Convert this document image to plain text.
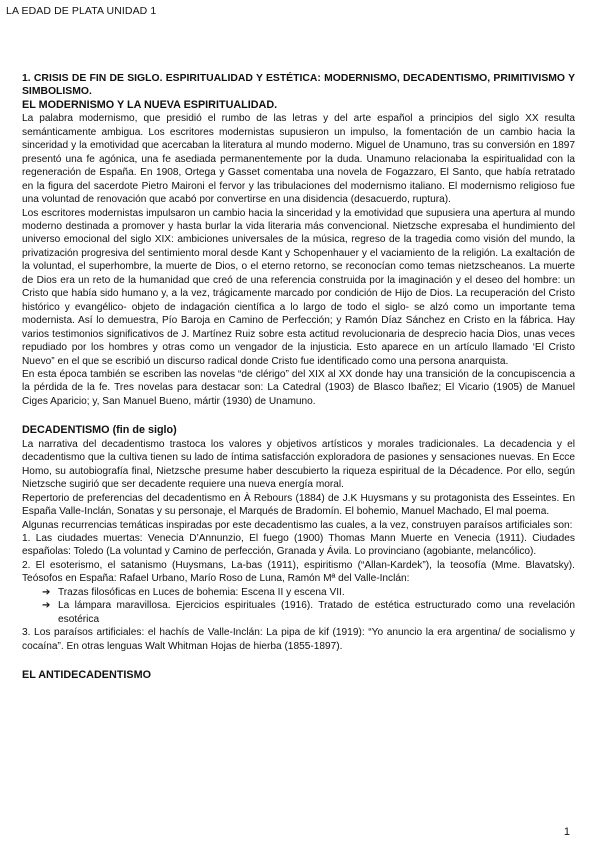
LA EDAD DE PLATA UNIDAD 1

1. CRISIS DE FIN DE SIGLO. ESPIRITUALIDAD Y ESTÉTICA: MODERNISMO, DECADENTISMO, PRIMITIVISMO Y SIMBOLISMO.

EL MODERNISMO Y LA NUEVA ESPIRITUALIDAD.

La palabra modernismo, que presidió el rumbo de las letras y del arte español a principios del siglo XX resulta semánticamente ambigua. Los escritores modernistas supusieron un impulso, la fomentación de un cambio hacia la sinceridad y la emotividad que acercaban la literatura al mundo moderno. Miguel de Unamuno, tras su conversión en 1897 presentó una fe agónica, una fe asediada permanentemente por la duda. Unamuno relacionaba la espiritualidad con la regeneración de España. En 1908, Ortega y Gasset comentaba una novela de Fogazzaro, El Santo, que había retratado en la figura del sacerdote Pietro Maironi el fervor y las tribulaciones del modernismo italiano. El modernismo religioso fue una voluntad de renovación que acabó por convertirse en una disidencia (desacuerdo, ruptura).

Los escritores modernistas impulsaron un cambio hacia la sinceridad y la emotividad que supusiera una apertura al mundo moderno destinada a promover y hasta burlar la vida literaria más convencional. Nietzsche expresaba el hundimiento del universo emocional del siglo XIX: ambiciones universales de la música, regreso de la tragedia como visión del mundo, la privatización progresiva del sentimiento moral desde Kant y Schopenhauer y el vaciamiento de la religión. La exaltación de la voluntad, el superhombre, la muerte de Dios, o el eterno retorno, se reconocían como temas nietzscheanos. La muerte de Dios era un reto de la humanidad que creó de una referencia construida por la imaginación y el deseo del hombre: un Cristo que había sido humano y, a la vez, trágicamente marcado por condición de Hijo de Dios. La recuperación del Cristo histórico y evangélico- objeto de indagación científica a lo largo de todo el siglo- se alzó como un importante tema modernista. Así lo demuestra, Pío Baroja en Camino de Perfección; y Ramón Díaz Sánchez en Cristo en la fábrica. Hay varios testimonios significativos de J. Martínez Ruiz sobre esta actitud revolucionaria de desprecio hacia Dios, unas veces repudiado por los hombres y otras como un vengador de la injusticia. Esto aparece en un artículo llamado ‘El Cristo Nuevo” en el que se escribió un discurso radical donde Cristo fue identificado como una persona anarquista.

En esta época también se escriben las novelas “de clérigo” del XIX al XX donde hay una transición de la concupiscencia a la pérdida de la fe. Tres novelas para destacar son: La Catedral (1903) de Blasco Ibañez; El Vicario (1905) de Manuel Ciges Aparicio; y, San Manuel Bueno, mártir (1930) de Unamuno.

DECADENTISMO (fin de siglo)

La narrativa del decadentismo trastoca los valores y objetivos artísticos y morales tradicionales. La decadencia y el decadentismo que la cultiva tienen su lado de íntima satisfacción exploradora de pasiones y sensaciones nuevas. En Ecce Homo, su autobiografía final, Nietzsche presume haber descubierto la riqueza espiritual de la Décadence. Por ello, según Nietzsche sugirió que ser decadente requiere una nueva energía moral.

Repertorio de preferencias del decadentismo en À Rebours (1884) de J.K Huysmans y su protagonista des Esseintes. En España Valle-Inclán, Sonatas y su personaje, el Marqués de Bradomín. El bohemio, Manuel Machado, El mal poema.

Algunas recurrencias temáticas inspiradas por este decadentismo las cuales, a la vez, construyen paraísos artificiales son:

1. Las ciudades muertas: Venecia D’Annunzio, El fuego (1900) Thomas Mann Muerte en Venecia (1911). Ciudades españolas: Toledo (La voluntad y Camino de perfección, Granada y Ávila. Lo provinciano (agobiante, melancólico).

2. El esoterismo, el satanismo (Huysmans, La-bas (1911), espiritismo (“Allan-Kardek”), la teosofía (Mme. Blavatsky). Teósofos en España: Rafael Urbano, Marío Roso de Luna, Ramón Mª del Valle-Inclán:

➔ Trazas filosóficas en Luces de bohemia: Escena II y escena VII.
➔ La lámpara maravillosa. Ejercicios espirituales (1916). Tratado de estética estructurado como una revelación esotérica

3. Los paraísos artificiales: el hachís de Valle-Inclán: La pipa de kif (1919): “Yo anuncio la era argentina/ de socialismo y cocaína”. En otras lenguas Walt Whitman Hojas de hierba (1855-1897).

EL ANTIDECADENTISMO

1
